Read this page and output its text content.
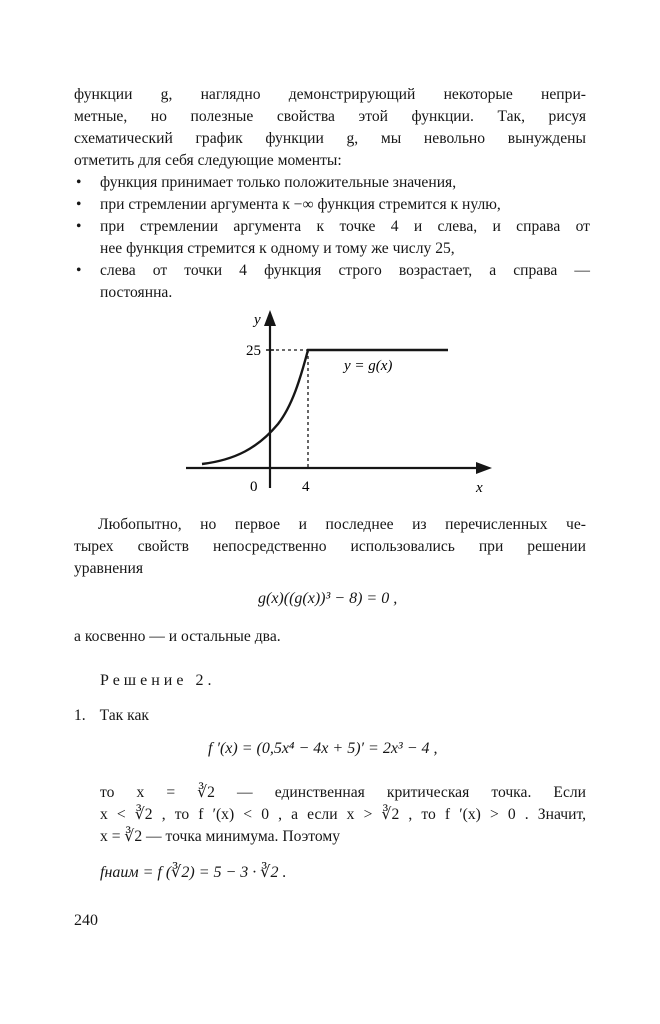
функции g, наглядно демонстрирующий некоторые непри-
метные, но полезные свойства этой функции. Так, рисуя
схематический график функции g, мы невольно вынуждены
отметить для себя следующие моменты:
• функция принимает только положительные значения,
• при стремлении аргумента к −∞ функция стремится к нулю,
• при стремлении аргумента к точке 4 и слева, и справа от
нее функция стремится к одному и тому же числу 25,
• слева от точки 4 функция строго возрастает, а справа —
постоянна.
y
x
25
0	4
y = g(x)
Любопытно, но первое и последнее из перечисленных че-
тырех свойств непосредственно использовались при решении
уравнения
g(x)((g(x))³ − 8) = 0 ,
а косвенно — и остальные два.
Решение 2.
1. Так как
f ′(x) = (0,5x⁴ − 4x + 5)′ = 2x³ − 4 ,
то x = ∛2 — единственная критическая точка. Если
x < ∛2 , то f ′(x) < 0 , а если x > ∛2 , то f ′(x) > 0 . Значит,
x = ∛2 — точка минимума. Поэтому
fнаим = f (∛2) = 5 − 3 · ∛2 .
240
